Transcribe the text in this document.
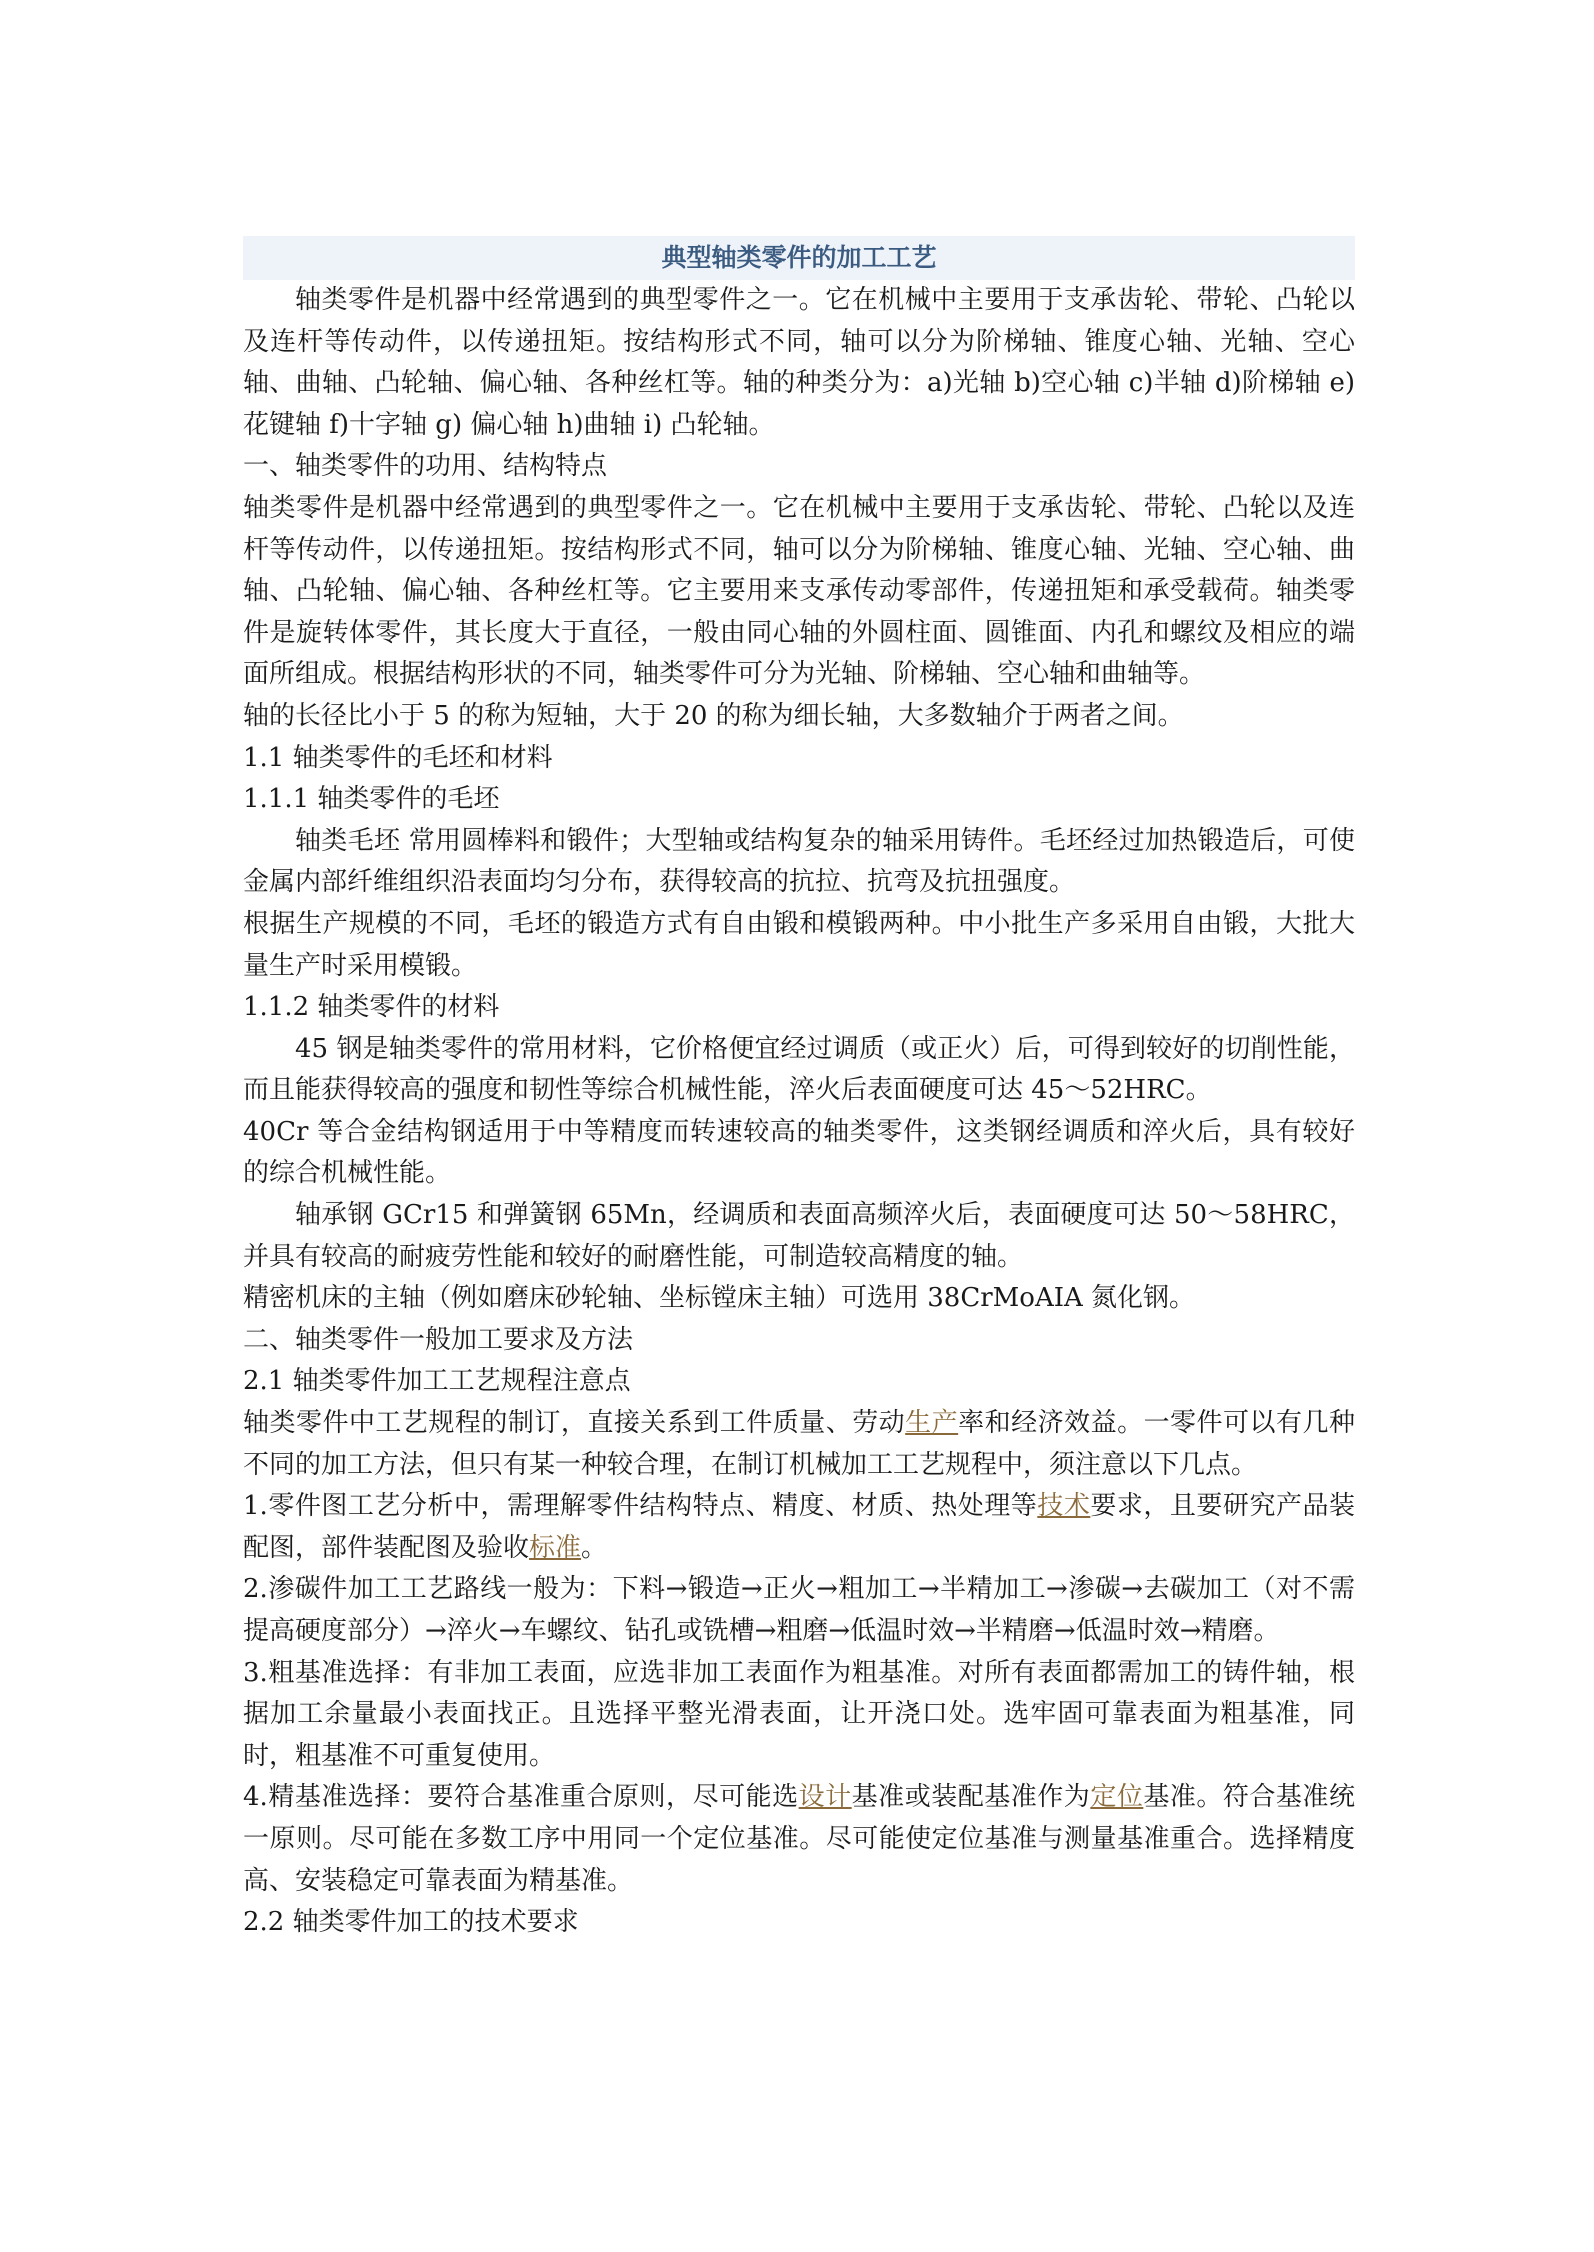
典型轴类零件的加工工艺

轴类零件是机器中经常遇到的典型零件之一。它在机械中主要用于支承齿轮、带轮、凸轮以及连杆等传动件，以传递扭矩。按结构形式不同，轴可以分为阶梯轴、锥度心轴、光轴、空心轴、曲轴、凸轮轴、偏心轴、各种丝杠等。轴的种类分为：a)光轴 b)空心轴 c)半轴 d)阶梯轴 e)花键轴 f)十字轴 g) 偏心轴 h)曲轴 i) 凸轮轴。

一、轴类零件的功用、结构特点

轴类零件是机器中经常遇到的典型零件之一。它在机械中主要用于支承齿轮、带轮、凸轮以及连杆等传动件，以传递扭矩。按结构形式不同，轴可以分为阶梯轴、锥度心轴、光轴、空心轴、曲轴、凸轮轴、偏心轴、各种丝杠等。它主要用来支承传动零部件，传递扭矩和承受载荷。轴类零件是旋转体零件，其长度大于直径，一般由同心轴的外圆柱面、圆锥面、内孔和螺纹及相应的端面所组成。根据结构形状的不同，轴类零件可分为光轴、阶梯轴、空心轴和曲轴等。

轴的长径比小于 5 的称为短轴，大于 20 的称为细长轴，大多数轴介于两者之间。

1.1 轴类零件的毛坯和材料

1.1.1 轴类零件的毛坯

轴类毛坯 常用圆棒料和锻件；大型轴或结构复杂的轴采用铸件。毛坯经过加热锻造后，可使金属内部纤维组织沿表面均匀分布，获得较高的抗拉、抗弯及抗扭强度。

根据生产规模的不同，毛坯的锻造方式有自由锻和模锻两种。中小批生产多采用自由锻，大批大量生产时采用模锻。

1.1.2 轴类零件的材料

45 钢是轴类零件的常用材料，它价格便宜经过调质（或正火）后，可得到较好的切削性能，而且能获得较高的强度和韧性等综合机械性能，淬火后表面硬度可达 45～52HRC。

40Cr 等合金结构钢适用于中等精度而转速较高的轴类零件，这类钢经调质和淬火后，具有较好的综合机械性能。

轴承钢 GCr15 和弹簧钢 65Mn，经调质和表面高频淬火后，表面硬度可达 50～58HRC，并具有较高的耐疲劳性能和较好的耐磨性能，可制造较高精度的轴。

精密机床的主轴（例如磨床砂轮轴、坐标镗床主轴）可选用 38CrMoAIA 氮化钢。

二、轴类零件一般加工要求及方法

2.1 轴类零件加工工艺规程注意点

轴类零件中工艺规程的制订，直接关系到工件质量、劳动生产率和经济效益。一零件可以有几种不同的加工方法，但只有某一种较合理，在制订机械加工工艺规程中，须注意以下几点。

1.零件图工艺分析中，需理解零件结构特点、精度、材质、热处理等技术要求，且要研究产品装配图，部件装配图及验收标准。

2.渗碳件加工工艺路线一般为：下料→锻造→正火→粗加工→半精加工→渗碳→去碳加工（对不需提高硬度部分）→淬火→车螺纹、钻孔或铣槽→粗磨→低温时效→半精磨→低温时效→精磨。

3.粗基准选择：有非加工表面，应选非加工表面作为粗基准。对所有表面都需加工的铸件轴，根据加工余量最小表面找正。且选择平整光滑表面，让开浇口处。选牢固可靠表面为粗基准，同时，粗基准不可重复使用。

4.精基准选择：要符合基准重合原则，尽可能选设计基准或装配基准作为定位基准。符合基准统一原则。尽可能在多数工序中用同一个定位基准。尽可能使定位基准与测量基准重合。选择精度高、安装稳定可靠表面为精基准。

2.2 轴类零件加工的技术要求
